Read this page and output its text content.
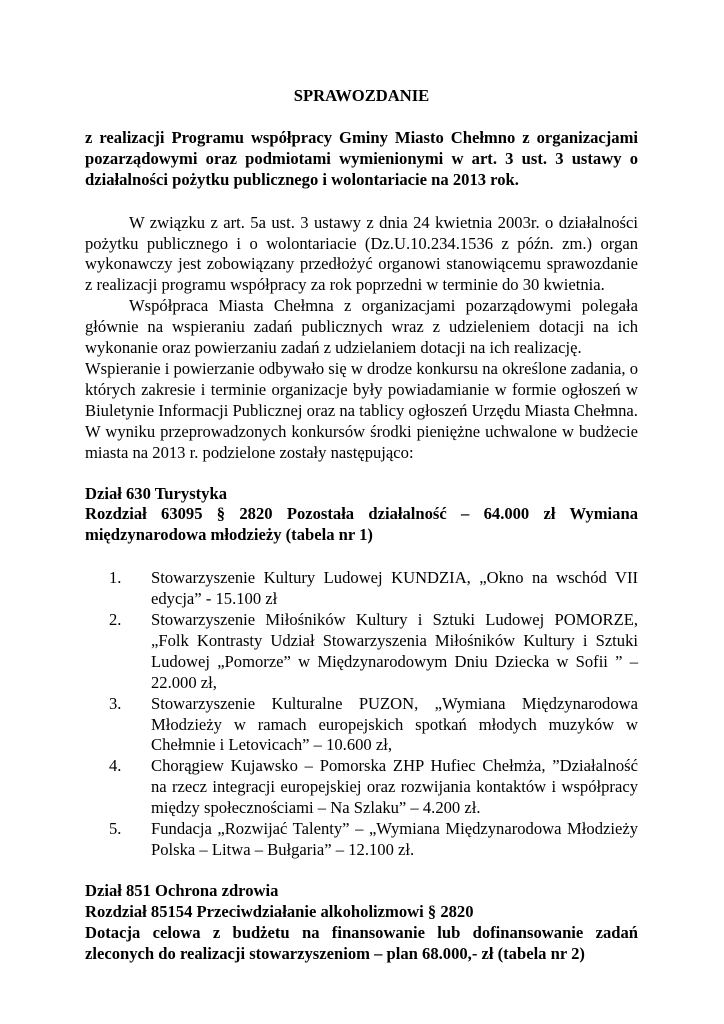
SPRAWOZDANIE

z realizacji Programu współpracy Gminy Miasto Chełmno z organizacjami pozarządowymi oraz podmiotami wymienionymi w art. 3 ust. 3 ustawy o działalności pożytku publicznego i wolontariacie na 2013 rok.

W związku z art. 5a ust. 3 ustawy z dnia 24 kwietnia 2003r. o działalności pożytku publicznego i o wolontariacie (Dz.U.10.234.1536 z późn. zm.) organ wykonawczy jest zobowiązany przedłożyć organowi stanowiącemu sprawozdanie z realizacji programu współpracy za rok poprzedni w terminie do 30 kwietnia.

Współpraca Miasta Chełmna z organizacjami pozarządowymi polegała głównie na wspieraniu zadań publicznych wraz z udzieleniem dotacji na ich wykonanie oraz powierzaniu zadań z udzielaniem dotacji na ich realizację.

Wspieranie i powierzanie odbywało się w drodze konkursu na określone zadania, o których zakresie i terminie organizacje były powiadamianie w formie ogłoszeń w Biuletynie Informacji Publicznej oraz na tablicy ogłoszeń Urzędu Miasta Chełmna.

W wyniku przeprowadzonych konkursów środki pieniężne uchwalone w budżecie miasta na 2013 r. podzielone zostały następująco:

Dział 630 Turystyka

Rozdział 63095 § 2820 Pozostała działalność – 64.000 zł Wymiana międzynarodowa młodzieży (tabela nr 1)

1. Stowarzyszenie Kultury Ludowej KUNDZIA, „Okno na wschód VII edycja” - 15.100 zł
2. Stowarzyszenie Miłośników Kultury i Sztuki Ludowej POMORZE, „Folk Kontrasty Udział Stowarzyszenia Miłośników Kultury i Sztuki Ludowej „Pomorze” w Międzynarodowym Dniu Dziecka w Sofii ” – 22.000 zł,
3. Stowarzyszenie Kulturalne PUZON, „Wymiana Międzynarodowa Młodzieży w ramach europejskich spotkań młodych muzyków w Chełmnie i Letovicach” – 10.600 zł,
4. Chorągiew Kujawsko – Pomorska ZHP Hufiec Chełmża, ”Działalność na rzecz integracji europejskiej oraz rozwijania kontaktów i współpracy między społecznościami – Na Szlaku” – 4.200 zł.
5. Fundacja „Rozwijać Talenty” – „Wymiana Międzynarodowa Młodzieży Polska – Litwa – Bułgaria” – 12.100 zł.

Dział 851 Ochrona zdrowia

Rozdział 85154 Przeciwdziałanie alkoholizmowi § 2820

Dotacja celowa z budżetu na finansowanie lub dofinansowanie zadań zleconych do realizacji stowarzyszeniom – plan 68.000,- zł (tabela nr 2)
